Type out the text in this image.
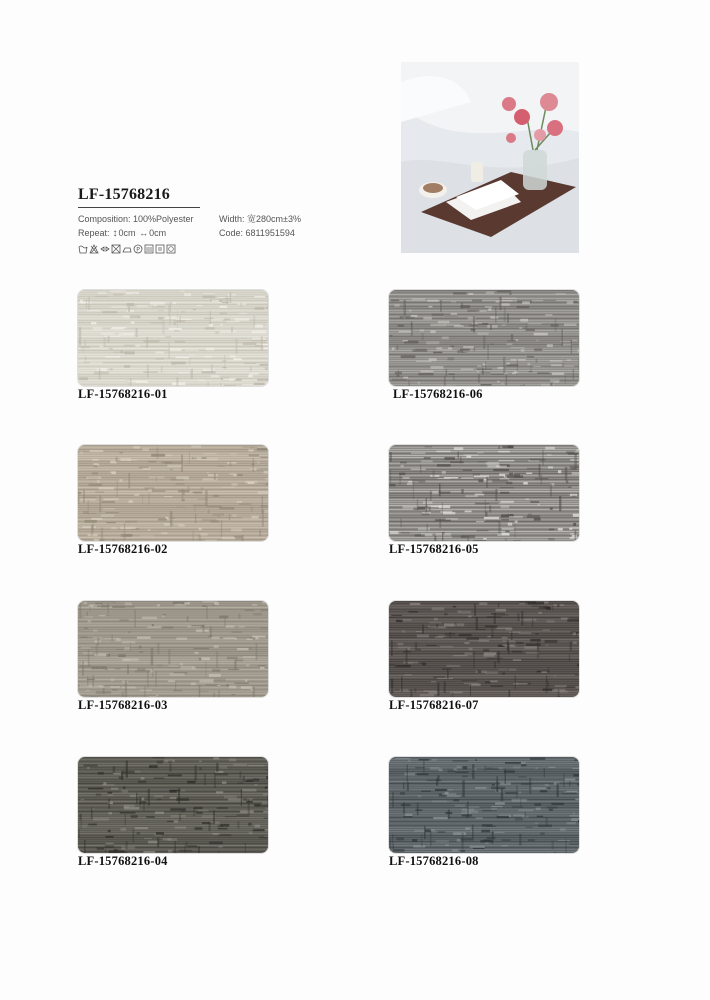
LF-15768216
Composition: 100%Polyester	Width: 宽280cm±3%
Repeat: ↕0cm ↔0cm	Code: 6811951594
P
LF-15768216-01	LF-15768216-06
LF-15768216-02	LF-15768216-05
LF-15768216-03	LF-15768216-07
LF-15768216-04	LF-15768216-08
